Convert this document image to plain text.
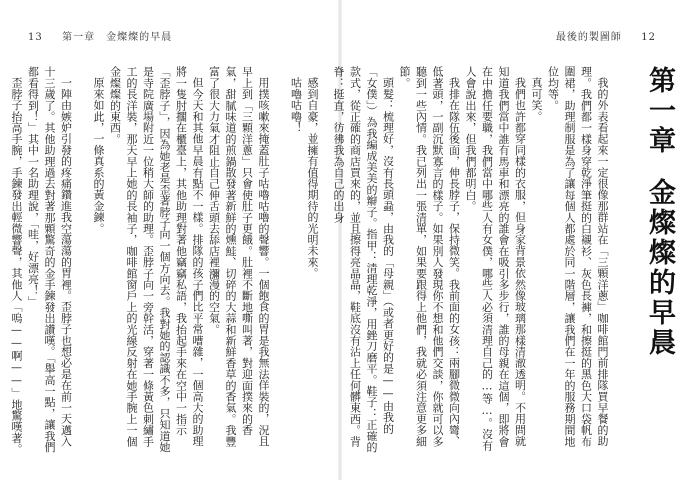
13 　 第一章　金燦燦的早晨

感到自豪，並擁有值得期待的光明未來。

咕嚕咕嚕！

用撲咳嗽來掩蓋肚子咕嚕咕嚕的聲響。一個飽食的胃是我無法佯裝的，況且早上到「三顆洋蔥」只會使肚子更餓。肚裡不斷地嘶叫著，對迎面撲來的香氣，甜膩味道的煎鍋散發著新鮮的燻鮭、切碎的大蒜和新鮮香草的香氣。我豐富了很大力氣才阻止自己伸舌頭去舔店裡瀰漫的空氣。

但今天和其他早晨有點不一樣。排隊的孩子們比平常嘈雜，一個高大的助理將一隻肘擱在櫃臺上，其他助理對著他竊竊私語，我抬起手來在空中一指示「歪脖子」，因為她老是歪著脖子向一個方向去。我對她的認識不多，只知道她是寺院廣場附近一位稍大師的助理。歪脖子向一旁幹活，穿著一條黃色刺繡手工的長洋裝，那天早上她的長袖子，咖啡館窗戶上的光線反射在她手腕上一個金燦燦的東西。

原來如此，一條真系的黃金鍊。

一陣由嫉妒引發的疼痛鑽進我空蕩蕩的胃裡。歪脖子也想必是在前一天邁入十三歲了。其他助理過去對著那顆驚奇的金手鍊發出讚嘆。「舉高一點，讓我們都看得到！」其中一名助理說，「哇，好漂亮！」

歪脖子抬高手腕，手鍊發出輕微響聲，其他人「嗚——啊——」地驚嘆著。

最後的製圖師 　 12
第一章金燦燦的早晨

我的外表看起來一定很像那群站在「三顆洋蔥」咖啡館門前排隊買早餐的助理。我們都一樣身穿乾淨筆挺的白襯衫、灰色長褲，和擦挺的黑色大口袋帆布圍裙，助理制服是為了讓每個人都處於同一階層，讓我們在一年的服務期間地位均等。

真可笑。

我們也許都穿同樣的衣服，但身家背景依然像玻璃那樣清澈透明。不用問就知道我們當中誰有馬車和漂亮的誰會在吸引多步行，誰的母親在這個，即將會在中擔任要職，我們當中哪些人有女僕，哪些人必須清理自己的…等…。沒有人會說出來，但我們都明白。

我排在隊伍後面，伸長脖子，保持微笑。我前面的女孩：兩腳微微向內彎、低著頭，一副沉默寡言的樣子。如果別人發現你不想和他們交談，你就可以多聽到一些內情。我已列出一張清單，如果要跟得上他們，我就必須注意更多細節。

頭髮：梳理好，沒有長頭蝨，由我的「母親」（或者更好的是——由我的「女僕」）為我編成美美的辮子。指甲：清理乾淨，用銼刀磨平。鞋子：正確的款式，從正確的商店買來的，並且擦得亮晶晶，鞋底沒有沾上任何髒東西。背脊：挺直，彷彿我為自己的出身
